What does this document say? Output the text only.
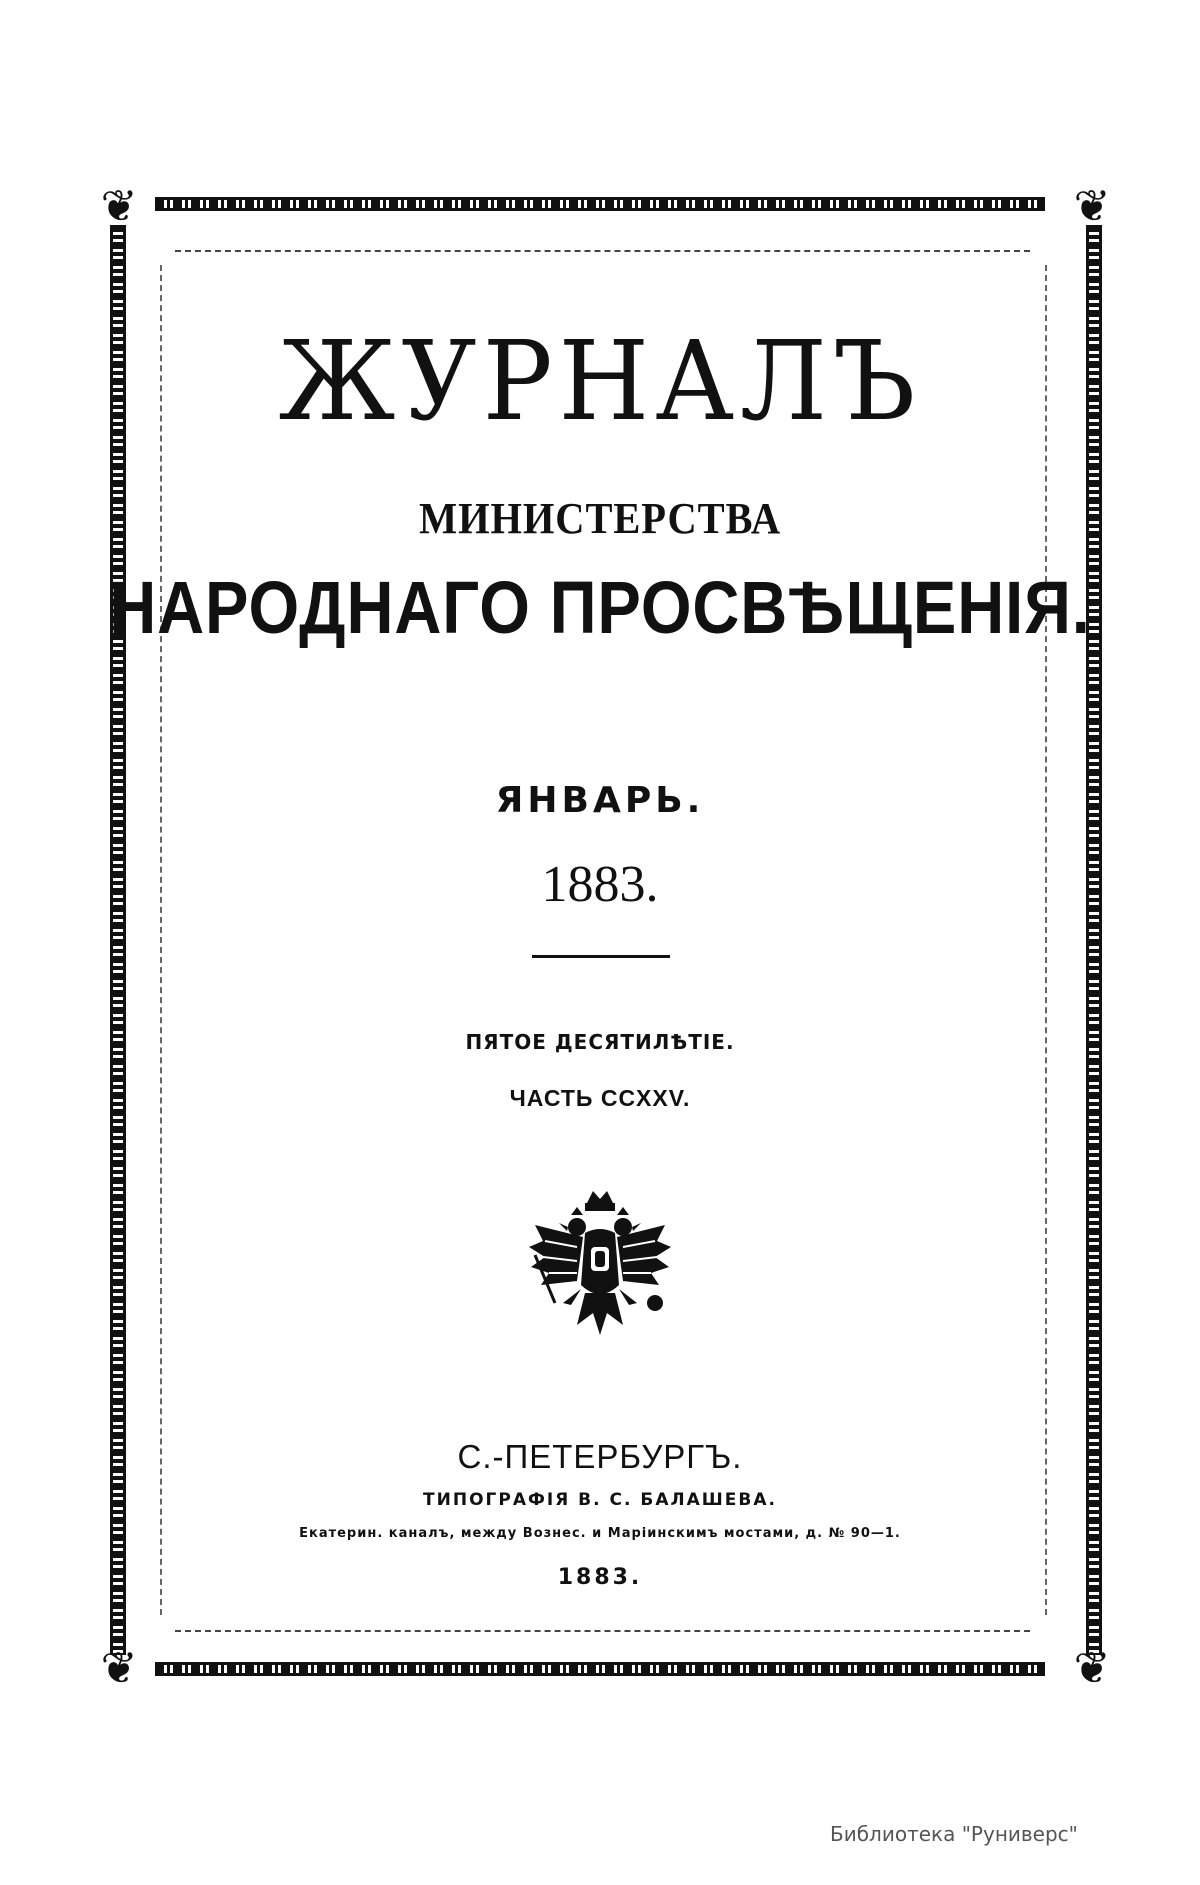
❦	❦
❦	❦
ЖУРНАЛЪ
МИНИСТЕРСТВА
НАРОДНАГО ПРОСВѢЩЕНІЯ.
ЯНВАРЬ.
1883.
ПЯТОЕ ДЕСЯТИЛѢТІЕ.
ЧАСТЬ CCXXV.
С.-ПЕТЕРБУРГЪ.
ТИПОГРАФІЯ В. С. БАЛАШЕВА.
Екатерин. каналъ, между Вознес. и Маріинскимъ мостами, д. № 90—1.
1883.
Библиотека "Руниверс"
